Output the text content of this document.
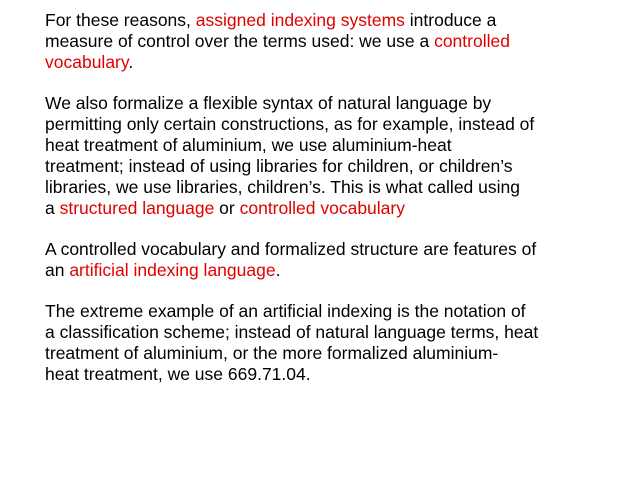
For these reasons, assigned indexing systems introduce a
measure of control over the terms used: we use a controlled
vocabulary.

We also formalize a flexible syntax of natural language by
permitting only certain constructions, as for example, instead of
heat treatment of aluminium, we use aluminium-heat
treatment; instead of using libraries for children, or children’s
libraries, we use libraries, children’s. This is what called using
a structured language or controlled vocabulary

A controlled vocabulary and formalized structure are features of
an artificial indexing language.

The extreme example of an artificial indexing is the notation of
a classification scheme; instead of natural language terms, heat
treatment of aluminium, or the more formalized aluminium-
heat treatment, we use 669.71.04.
